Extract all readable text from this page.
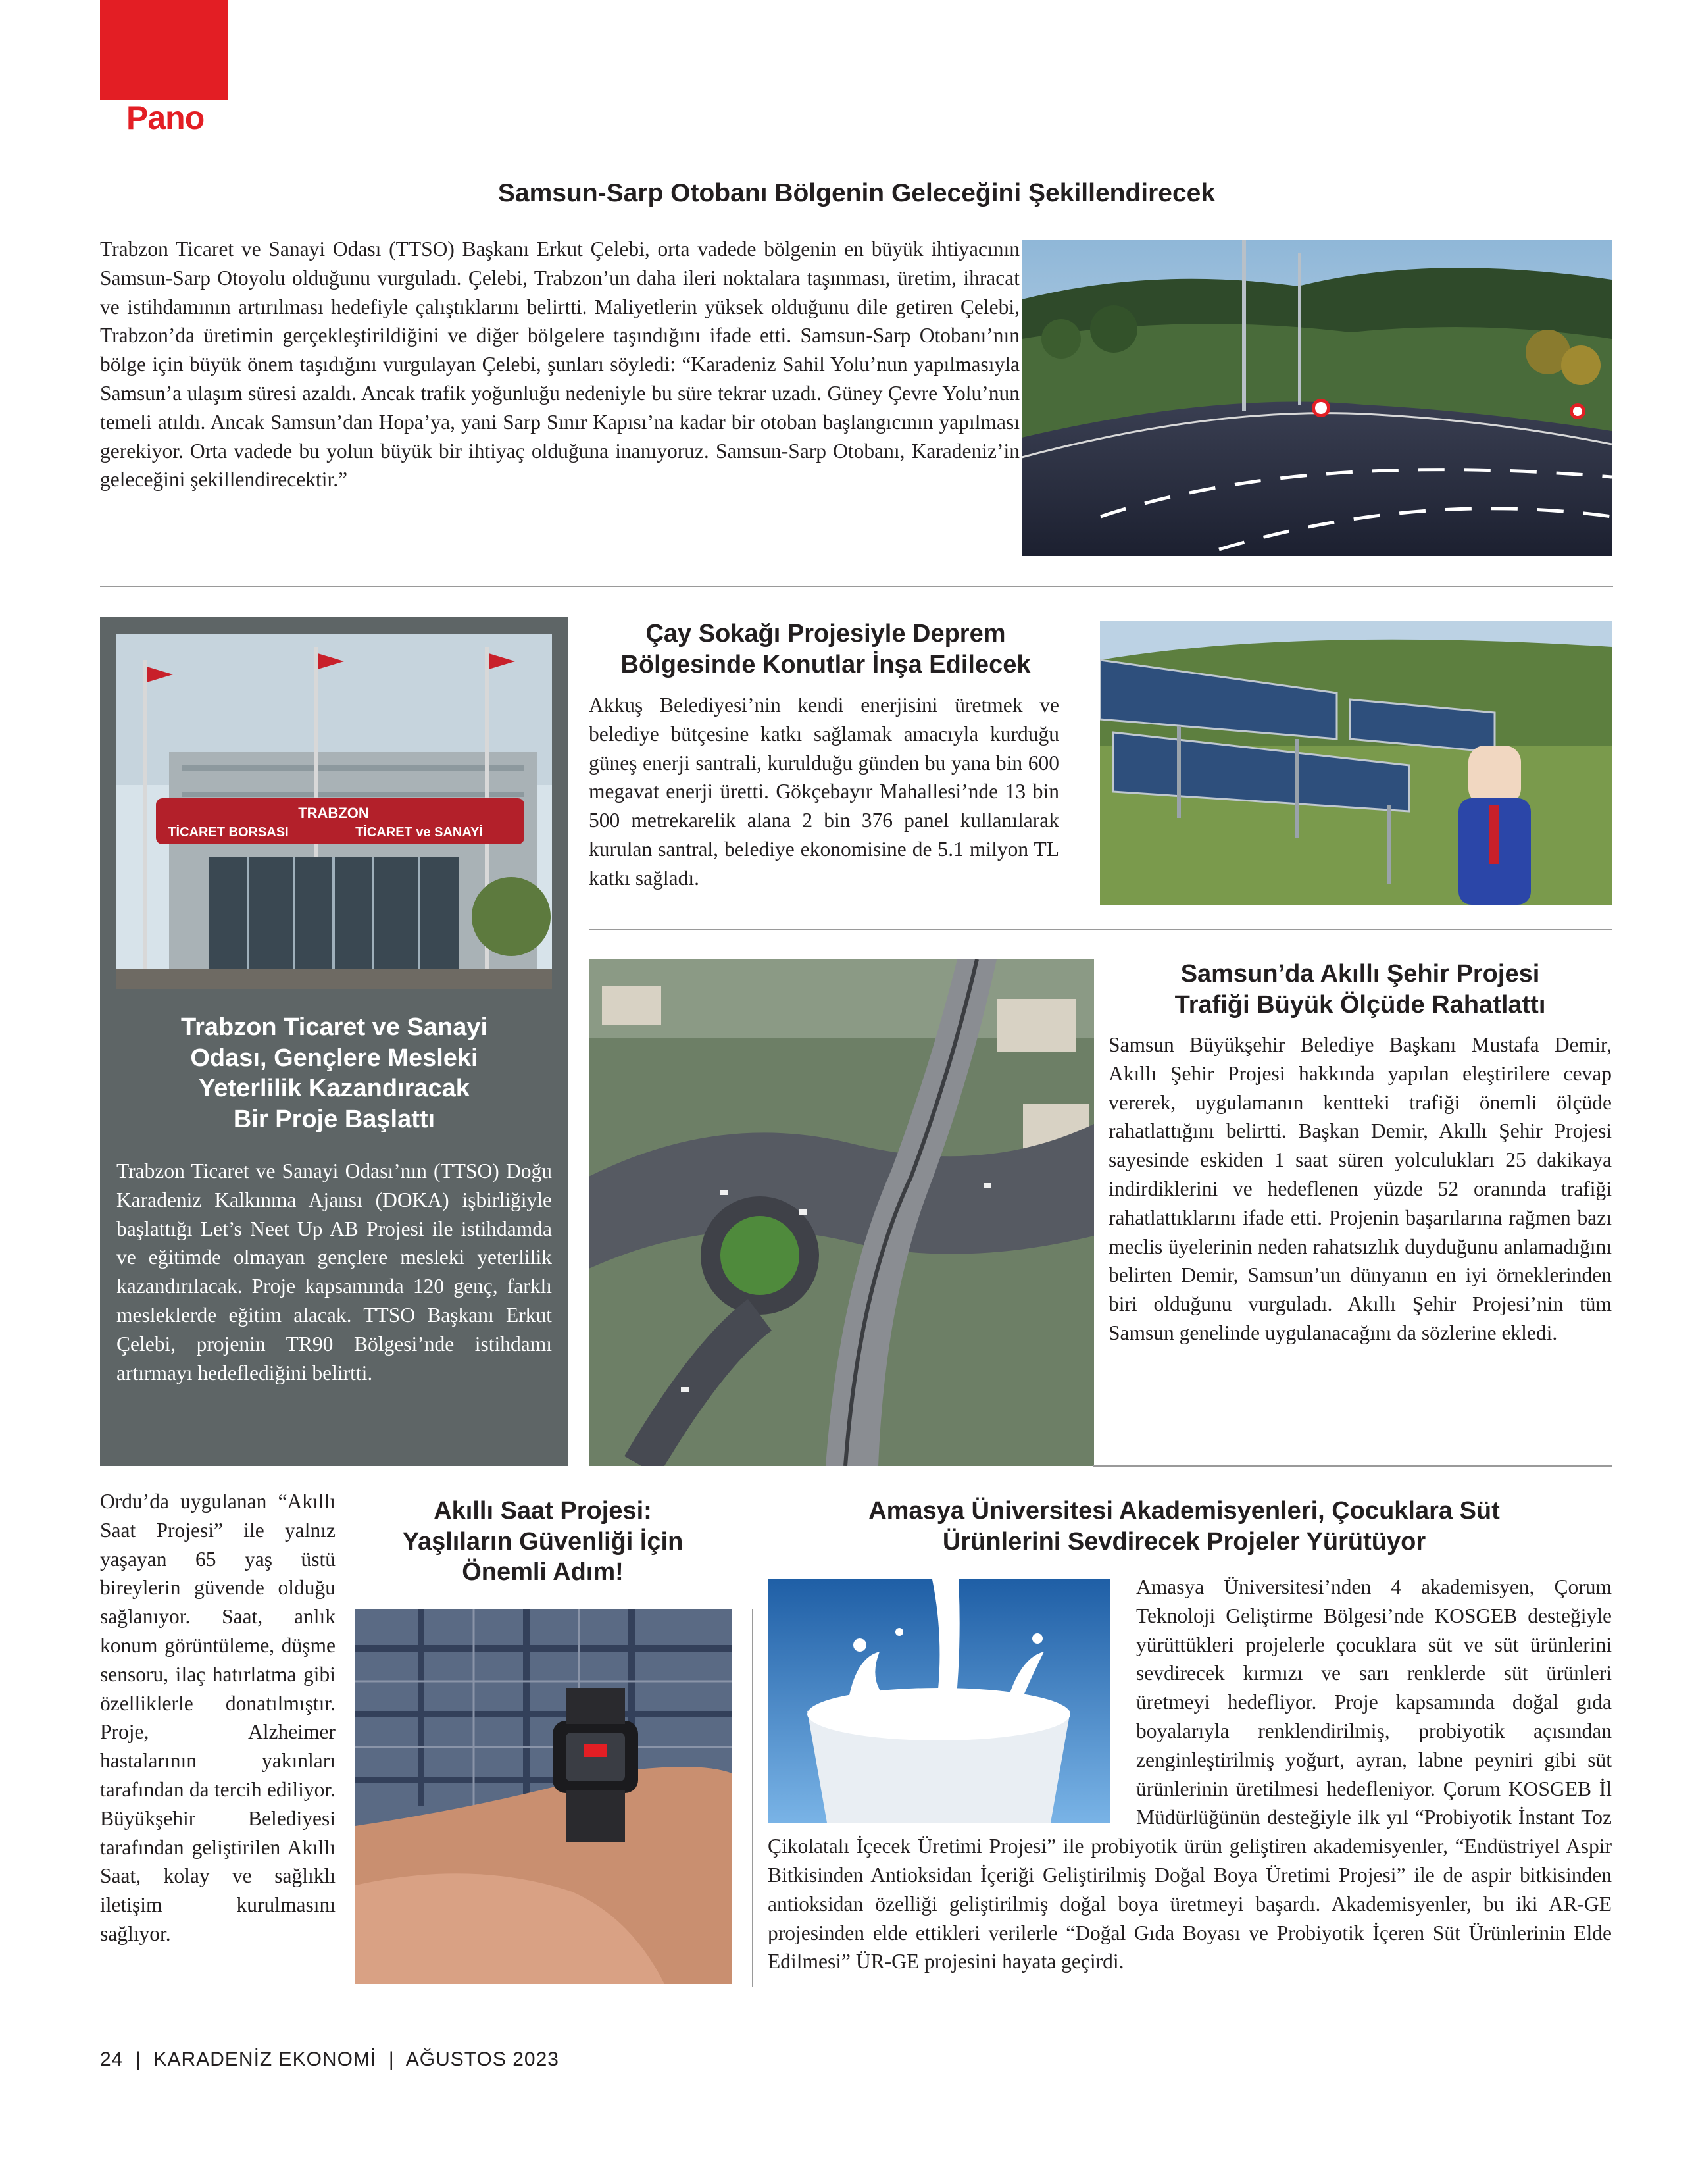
Pano
Samsun-Sarp Otobanı Bölgenin Geleceğini Şekillendirecek

Trabzon Ticaret ve Sanayi Odası (TTSO) Başkanı Erkut Çelebi, orta vadede bölgenin en büyük ihtiyacının Samsun-Sarp Otoyolu olduğunu vurguladı. Çelebi, Trabzon’un daha ileri noktalara taşınması, üretim, ihracat ve istihdamının artırılması hedefiyle çalıştıklarını belirtti. Maliyetlerin yüksek olduğunu dile getiren Çelebi, Trabzon’da üretimin gerçekleştirildiğini ve diğer bölgelere taşındığını ifade etti. Samsun-Sarp Otobanı’nın bölge için büyük önem taşıdığını vurgulayan Çelebi, şunları söyledi: “Karadeniz Sahil Yolu’nun yapılmasıyla Samsun’a ulaşım süresi azaldı. Ancak trafik yoğunluğu nedeniyle bu süre tekrar uzadı. Güney Çevre Yolu’nun temeli atıldı. Ancak Samsun’dan Hopa’ya, yani Sarp Sınır Kapısı’na kadar bir otoban başlangıcının yapılması gerekiyor. Orta vadede bu yolun büyük bir ihtiyaç olduğuna inanıyoruz. Samsun-Sarp Otobanı, Karadeniz’in geleceğini şekillendirecektir.”

TRABZON
TİCARET BORSASI	TİCARET ve SANAYİ
Trabzon Ticaret ve Sanayi
Odası, Gençlere Mesleki
Yeterlilik Kazandıracak
Bir Proje Başlattı

Trabzon Ticaret ve Sanayi Odası’nın (TTSO) Doğu Karadeniz Kalkınma Ajansı (DOKA) işbirliğiyle başlattığı Let’s Neet Up AB Projesi ile istihdamda ve eğitimde olmayan gençlere mesleki yeterlilik kazandırılacak. Proje kapsamında 120 genç, farklı mesleklerde eğitim alacak. TTSO Başkanı Erkut Çelebi, projenin TR90 Bölgesi’nde istihdamı artırmayı hedeflediğini belirtti.

Çay Sokağı Projesiyle Deprem
Bölgesinde Konutlar İnşa Edilecek

Akkuş Belediyesi’nin kendi enerjisini üretmek ve belediye bütçesine katkı sağlamak amacıyla kurduğu güneş enerji santrali, kurulduğu günden bu yana bin 600 megavat enerji üretti. Gökçebayır Mahallesi’nde 13 bin 500 metrekarelik alana 2 bin 376 panel kullanılarak kurulan santral, belediye ekonomisine de 5.1 milyon TL katkı sağladı.

Samsun’da Akıllı Şehir Projesi
Trafiği Büyük Ölçüde Rahatlattı

Samsun Büyükşehir Belediye Başkanı Mustafa Demir, Akıllı Şehir Projesi hakkında yapılan eleştirilere cevap vererek, uygulamanın kentteki trafiği önemli ölçüde rahatlattığını belirtti. Başkan Demir, Akıllı Şehir Projesi sayesinde eskiden 1 saat süren yolculukları 25 dakikaya indirdiklerini ve hedeflenen yüzde 52 oranında trafiği rahatlattıklarını ifade etti. Projenin başarılarına rağmen bazı meclis üyelerinin neden rahatsızlık duyduğunu anlamadığını belirten Demir, Samsun’un dünyanın en iyi örneklerinden biri olduğunu vurguladı. Akıllı Şehir Projesi’nin tüm Samsun genelinde uygulanacağını da sözlerine ekledi.

Ordu’da uygulanan “Akıllı Saat Projesi” ile yalnız yaşayan 65 yaş üstü bireylerin güvende olduğu sağlanıyor. Saat, anlık konum görüntüleme, düşme sensoru, ilaç hatırlatma gibi özelliklerle donatılmıştır. Proje, Alzheimer hastalarının yakınları tarafından da tercih ediliyor. Büyükşehir Belediyesi tarafından geliştirilen Akıllı Saat, kolay ve sağlıklı iletişim kurulmasını sağlıyor.

Akıllı Saat Projesi:
Yaşlıların Güvenliği İçin
Önemli Adım!
Amasya Üniversitesi Akademisyenleri, Çocuklara Süt
Ürünlerini Sevdirecek Projeler Yürütüyor

Amasya Üniversitesi’nden 4 akademisyen, Çorum Teknoloji Geliştirme Bölgesi’nde KOSGEB desteğiyle yürüttükleri projelerle çocuklara süt ve süt ürünlerini sevdirecek kırmızı ve sarı renklerde süt ürünleri üretmeyi hedefliyor. Proje kapsamında doğal gıda boyalarıyla renklendirilmiş, probiyotik açısından zenginleştirilmiş yoğurt, ayran, labne peyniri gibi süt ürünlerinin üretilmesi hedefleniyor. Çorum KOSGEB İl Müdürlüğünün desteğiyle ilk yıl “Probiyotik İnstant Toz Çikolatalı İçecek Üretimi Projesi” ile probiyotik ürün geliştiren akademisyenler, “Endüstriyel Aspir Bitkisinden Antioksidan İçeriği Geliştirilmiş Doğal Boya Üretimi Projesi” ile de aspir bitkisinden antioksidan özelliği geliştirilmiş doğal boya üretmeyi başardı. Akademisyenler, bu iki AR-GE projesinden elde ettikleri verilerle “Doğal Gıda Boyası ve Probiyotik İçeren Süt Ürünlerinin Elde Edilmesi” ÜR-GE projesini hayata geçirdi.

24  |  KARADENİZ EKONOMİ  |  AĞUSTOS 2023
